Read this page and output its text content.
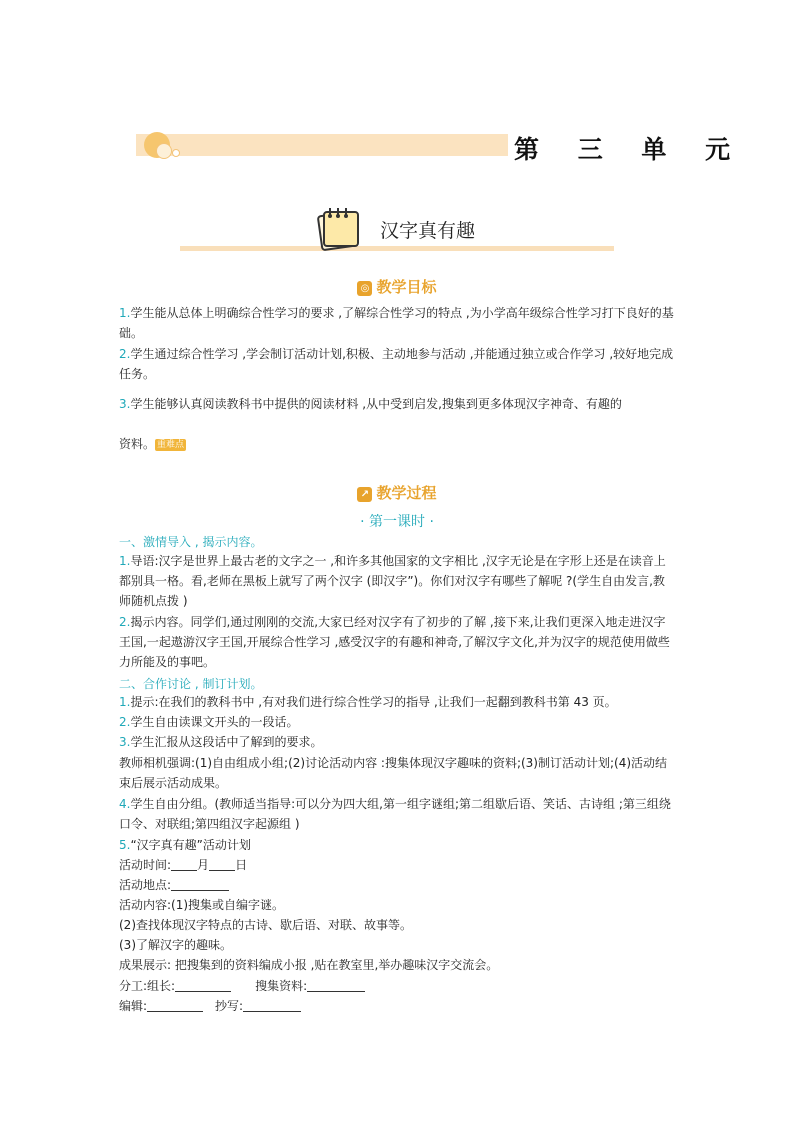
第 三 单 元
汉字真有趣
◎ 教学目标
1.学生能从总体上明确综合性学习的要求 ,了解综合性学习的特点 ,为小学高年级综合性学习打下良好的基础。
2.学生通过综合性学习 ,学会制订活动计划,积极、主动地参与活动 ,并能通过独立或合作学习 ,较好地完成任务。
3.学生能够认真阅读教科书中提供的阅读材料 ,从中受到启发,搜集到更多体现汉字神奇、有趣的
资料。 重难点
↗ 教学过程
· 第一课时 ·
一、激情导入 , 揭示内容。
1.导语:汉字是世界上最古老的文字之一 ,和许多其他国家的文字相比 ,汉字无论是在字形上还是在读音上都别具一格。看,老师在黑板上就写了两个汉字 (即汉字”)。你们对汉字有哪些了解呢 ?(学生自由发言,教师随机点拨 )
2.揭示内容。同学们,通过刚刚的交流,大家已经对汉字有了初步的了解 ,接下来,让我们更深入地走进汉字王国,一起遨游汉字王国,开展综合性学习 ,感受汉字的有趣和神奇,了解汉字文化,并为汉字的规范使用做些力所能及的事吧。
二、合作讨论 , 制订计划。
1.提示:在我们的教科书中 ,有对我们进行综合性学习的指导 ,让我们一起翻到教科书第 43 页。
2.学生自由读课文开头的一段话。
3.学生汇报从这段话中了解到的要求。
教师相机强调:(1)自由组成小组;(2)讨论活动内容 :搜集体现汉字趣味的资料;(3)制订活动计划;(4)活动结束后展示活动成果。
4.学生自由分组。(教师适当指导:可以分为四大组,第一组字谜组;第二组歇后语、笑话、古诗组 ;第三组绕口令、对联组;第四组汉字起源组 )
5.“汉字真有趣”活动计划
活动时间: 月 日
活动地点:
活动内容:(1)搜集或自编字谜。
(2)查找体现汉字特点的古诗、歇后语、对联、故事等。
(3)了解汉字的趣味。
成果展示: 把搜集到的资料编成小报 ,贴在教室里,举办趣味汉字交流会。
分工:组长:	搜集资料:
编辑:	抄写:
